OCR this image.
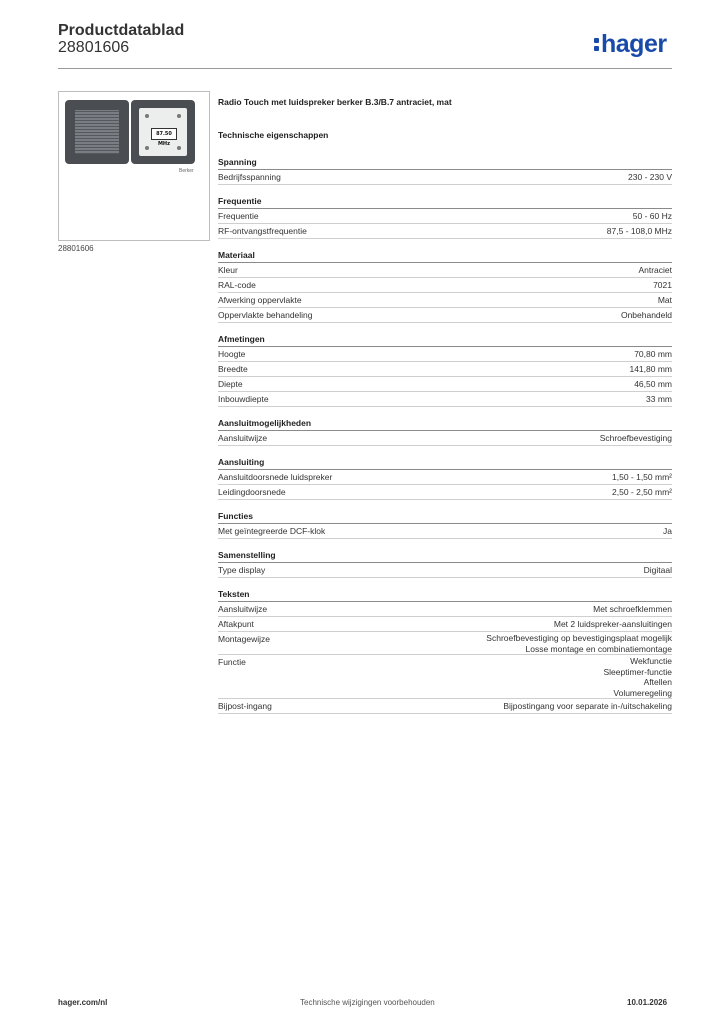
Productdatablad
28801606	hager
87.50 MHz
Berker
28801606
Radio Touch met luidspreker berker B.3/B.7 antraciet, mat
Technische eigenschappen
Spanning
Bedrijfsspanning	230 - 230 V
Frequentie
Frequentie	50 - 60 Hz
RF-ontvangstfrequentie	87,5 - 108,0 MHz
Materiaal
Kleur	Antraciet
RAL-code	7021
Afwerking oppervlakte	Mat
Oppervlakte behandeling	Onbehandeld
Afmetingen
Hoogte	70,80 mm
Breedte	141,80 mm
Diepte	46,50 mm
Inbouwdiepte	33 mm
Aansluitmogelijkheden
Aansluitwijze	Schroefbevestiging
Aansluiting
Aansluitdoorsnede luidspreker	1,50 - 1,50 mm²
Leidingdoorsnede	2,50 - 2,50 mm²
Functies
Met geïntegreerde DCF-klok	Ja
Samenstelling
Type display	Digitaal
Teksten
Aansluitwijze	Met schroefklemmen
Aftakpunt	Met 2 luidspreker-aansluitingen
Montagewijze	Schroefbevestiging op bevestigingsplaat mogelijk
Losse montage en combinatiemontage
Functie	Wekfunctie
Sleeptimer-functie
Aftellen
Volumeregeling
Bijpost-ingang	Bijpostingang voor separate in-/uitschakeling
hager.com/nl	Technische wijzigingen voorbehouden	10.01.2026
